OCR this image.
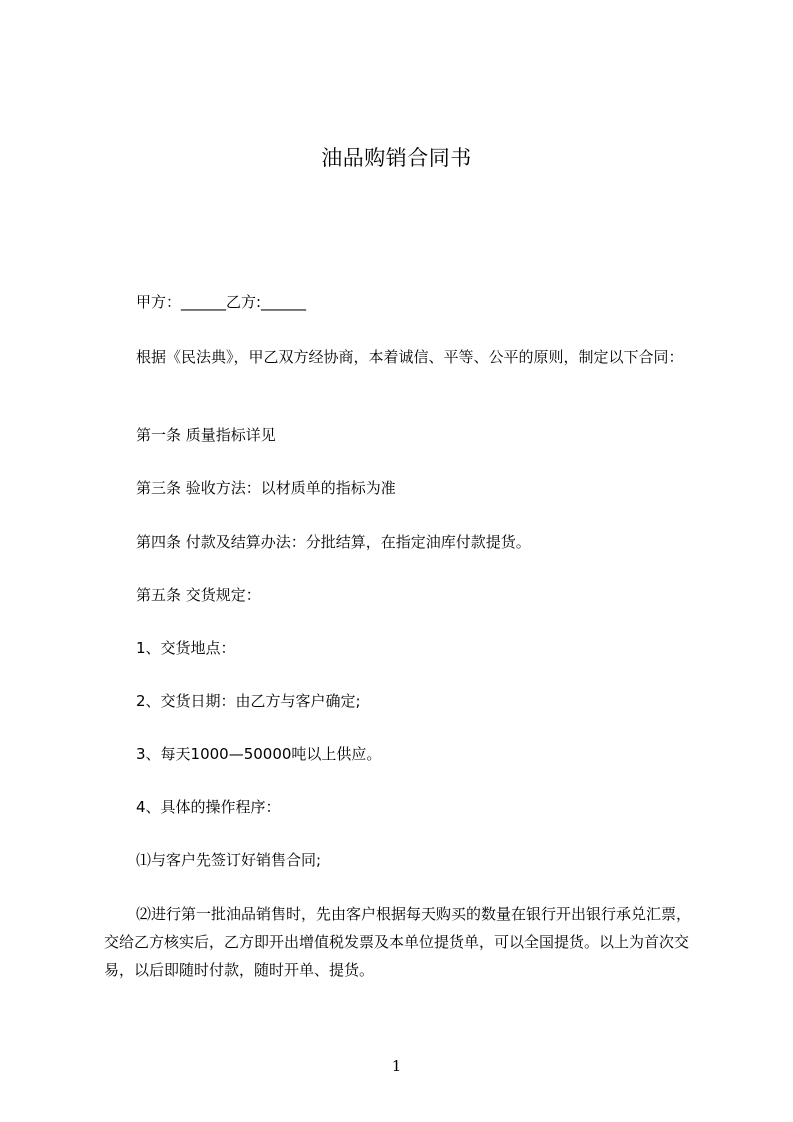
油品购销合同书
甲方：______乙方:______
根据《民法典》，甲乙双方经协商，本着诚信、平等、公平的原则，制定以下合同：
第一条 质量指标详见
第三条 验收方法：以材质单的指标为准
第四条 付款及结算办法：分批结算，在指定油库付款提货。
第五条 交货规定：
1、交货地点：
2、交货日期：由乙方与客户确定;
3、每天1000—50000吨以上供应。
4、具体的操作程序：
⑴与客户先签订好销售合同;
⑵进行第一批油品销售时，先由客户根据每天购买的数量在银行开出银行承兑汇票，交给乙方核实后，乙方即开出增值税发票及本单位提货单，可以全国提货。以上为首次交易，以后即随时付款，随时开单、提货。
1
